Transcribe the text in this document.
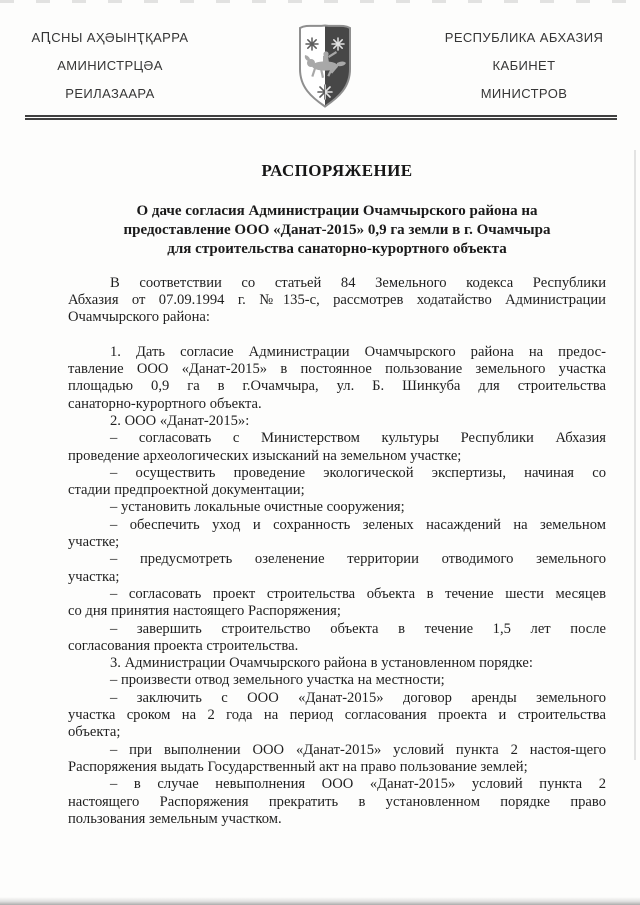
АԤСНЫ АҲӘЫНҬҚАРРА
АМИНИСТРЦӘА
РЕИЛАЗААРА
РЕСПУБЛИКА АБХАЗИЯ
КАБИНЕТ
МИНИСТРОВ
РАСПОРЯЖЕНИЕ
О даче согласия Администрации Очамчырского района на
предоставление ООО «Данат-2015» 0,9 га земли в г. Очамчыра
для строительства санаторно-курортного объекта
В соответствии со статьей 84 Земельного кодекса Республики
Абхазия от 07.09.1994 г. №135-с, рассмотрев ходатайство Администрации
Очамчырского района:
1. Дать согласие Администрации Очамчырского района на предос-
тавление ООО «Данат-2015» в постоянное пользование земельного участка
площадью 0,9 га в г.Очамчыра, ул. Б. Шинкуба для строительства
санаторно-курортного объекта.
2. ООО «Данат-2015»:
– согласовать с Министерством культуры Республики Абхазия
проведение археологических изысканий на земельном участке;
– осуществить проведение экологической экспертизы, начиная со
стадии предпроектной документации;
– установить локальные очистные сооружения;
– обеспечить уход и сохранность зеленых насаждений на земельном
участке;
– предусмотреть озеленение территории отводимого земельного
участка;
– согласовать проект строительства объекта в течение шести месяцев
со дня принятия настоящего Распоряжения;
– завершить строительство объекта в течение 1,5 лет после
согласования проекта строительства.
3. Администрации Очамчырского района в установленном порядке:
– произвести отвод земельного участка на местности;
– заключить с ООО «Данат-2015» договор аренды земельного
участка сроком на 2 года на период согласования проекта и строительства
объекта;
– при выполнении ООО «Данат-2015» условий пункта 2 настоя-щего
Распоряжения выдать Государственный акт на право пользование землей;
– в случае невыполнения ООО «Данат-2015» условий пункта 2
настоящего Распоряжения прекратить в установленном порядке право
пользования земельным участком.
